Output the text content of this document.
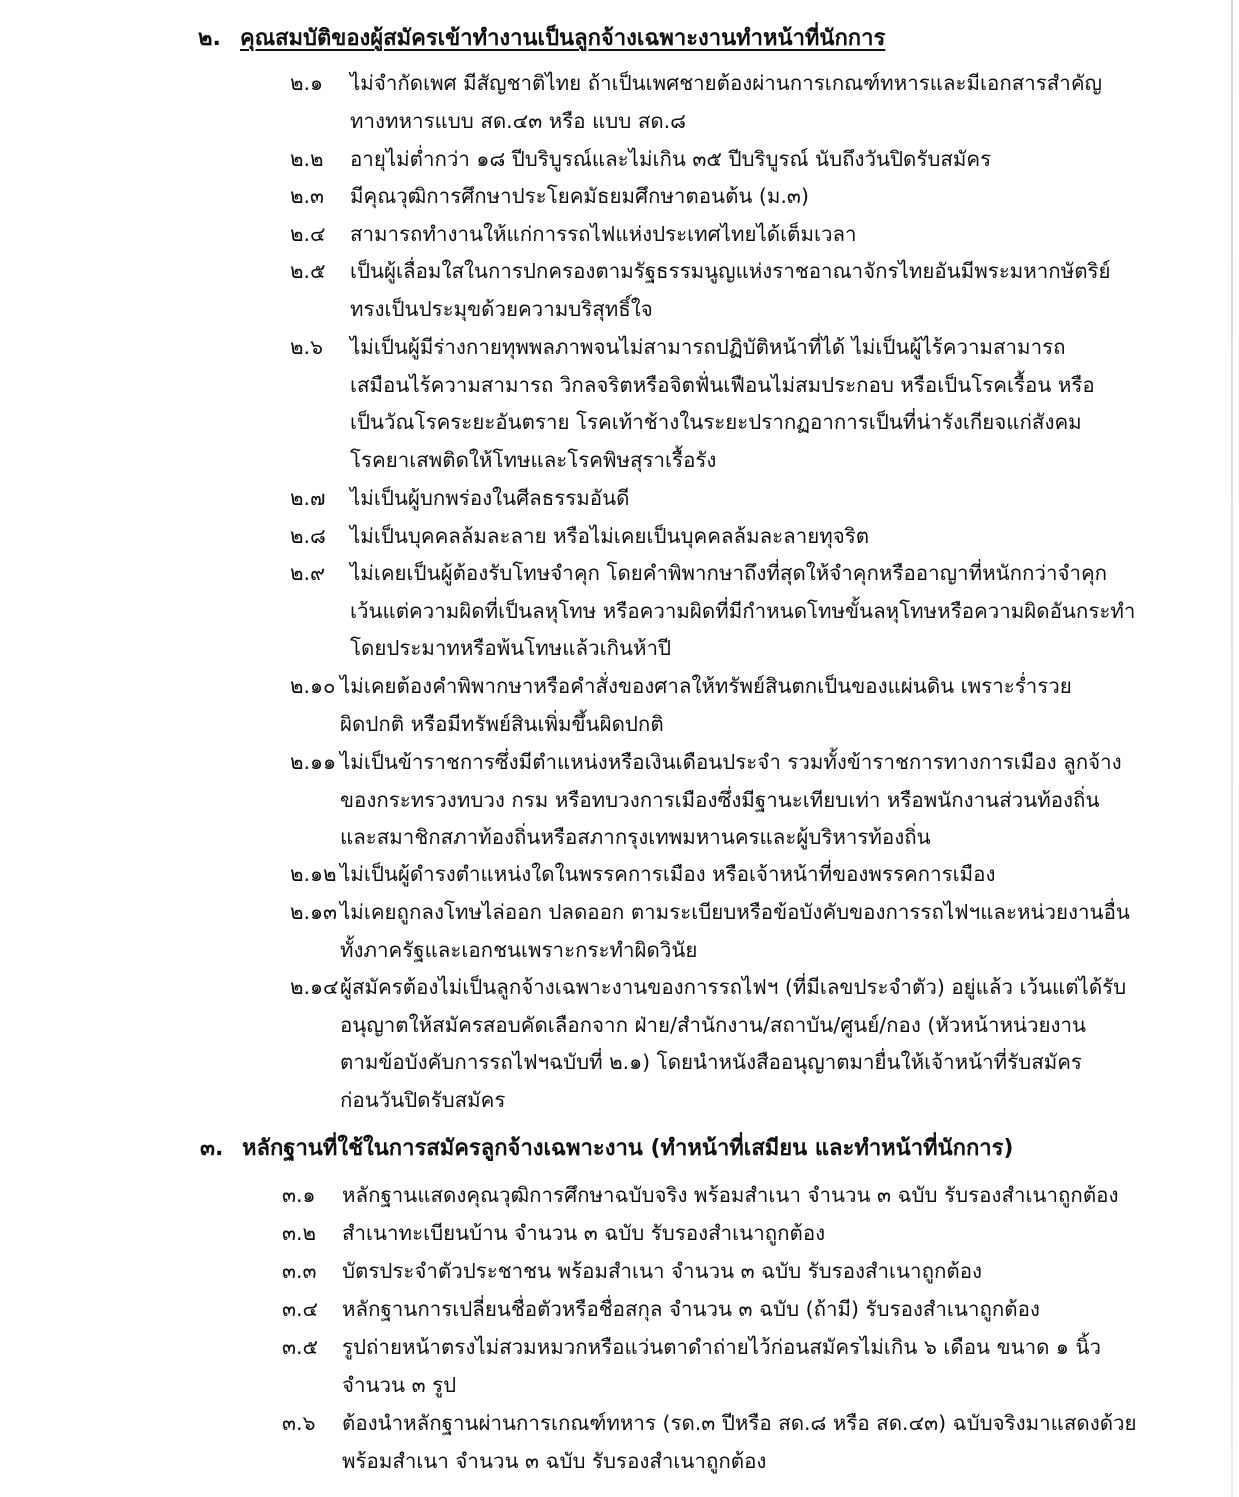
๒. คุณสมบัติของผู้สมัครเข้าทำงานเป็นลูกจ้างเฉพาะงานทำหน้าที่นักการ
๒.๑ ไม่จำกัดเพศ มีสัญชาติไทย ถ้าเป็นเพศชายต้องผ่านการเกณฑ์ทหารและมีเอกสารสำคัญ
ทางทหารแบบ สด.๔๓ หรือ แบบ สด.๘
๒.๒ อายุไม่ต่ำกว่า ๑๘ ปีบริบูรณ์และไม่เกิน ๓๕ ปีบริบูรณ์ นับถึงวันปิดรับสมัคร
๒.๓ มีคุณวุฒิการศึกษาประโยคมัธยมศึกษาตอนต้น (ม.๓)
๒.๔ สามารถทำงานให้แก่การรถไฟแห่งประเทศไทยได้เต็มเวลา
๒.๕ เป็นผู้เลื่อมใสในการปกครองตามรัฐธรรมนูญแห่งราชอาณาจักรไทยอันมีพระมหากษัตริย์
ทรงเป็นประมุขด้วยความบริสุทธิ์ใจ
๒.๖ ไม่เป็นผู้มีร่างกายทุพพลภาพจนไม่สามารถปฏิบัติหน้าที่ได้ ไม่เป็นผู้ไร้ความสามารถ
เสมือนไร้ความสามารถ วิกลจริตหรือจิตฟั่นเฟือนไม่สมประกอบ หรือเป็นโรคเรื้อน หรือ
เป็นวัณโรคระยะอันตราย โรคเท้าช้างในระยะปรากฏอาการเป็นที่น่ารังเกียจแก่สังคม
โรคยาเสพติดให้โทษและโรคพิษสุราเรื้อรัง
๒.๗ ไม่เป็นผู้บกพร่องในศีลธรรมอันดี
๒.๘ ไม่เป็นบุคคลล้มละลาย หรือไม่เคยเป็นบุคคลล้มละลายทุจริต
๒.๙ ไม่เคยเป็นผู้ต้องรับโทษจำคุก โดยคำพิพากษาถึงที่สุดให้จำคุกหรืออาญาที่หนักกว่าจำคุก
เว้นแต่ความผิดที่เป็นลหุโทษ หรือความผิดที่มีกำหนดโทษขั้นลหุโทษหรือความผิดอันกระทำ
โดยประมาทหรือพ้นโทษแล้วเกินห้าปี
๒.๑๐ ไม่เคยต้องคำพิพากษาหรือคำสั่งของศาลให้ทรัพย์สินตกเป็นของแผ่นดิน เพราะร่ำรวย
ผิดปกติ หรือมีทรัพย์สินเพิ่มขึ้นผิดปกติ
๒.๑๑ ไม่เป็นข้าราชการซึ่งมีตำแหน่งหรือเงินเดือนประจำ รวมทั้งข้าราชการทางการเมือง ลูกจ้าง
ของกระทรวงทบวง กรม หรือทบวงการเมืองซึ่งมีฐานะเทียบเท่า หรือพนักงานส่วนท้องถิ่น
และสมาชิกสภาท้องถิ่นหรือสภากรุงเทพมหานครและผู้บริหารท้องถิ่น
๒.๑๒ ไม่เป็นผู้ดำรงตำแหน่งใดในพรรคการเมือง หรือเจ้าหน้าที่ของพรรคการเมือง
๒.๑๓ ไม่เคยถูกลงโทษไล่ออก ปลดออก ตามระเบียบหรือข้อบังคับของการรถไฟฯและหน่วยงานอื่น
ทั้งภาครัฐและเอกชนเพราะกระทำผิดวินัย
๒.๑๔ ผู้สมัครต้องไม่เป็นลูกจ้างเฉพาะงานของการรถไฟฯ (ที่มีเลขประจำตัว) อยู่แล้ว เว้นแต่ได้รับ
อนุญาตให้สมัครสอบคัดเลือกจาก ฝ่าย/สำนักงาน/สถาบัน/ศูนย์/กอง (หัวหน้าหน่วยงาน
ตามข้อบังคับการรถไฟฯฉบับที่ ๒.๑) โดยนำหนังสืออนุญาตมายื่นให้เจ้าหน้าที่รับสมัคร
ก่อนวันปิดรับสมัคร
๓. หลักฐานที่ใช้ในการสมัครลูกจ้างเฉพาะงาน (ทำหน้าที่เสมียน และทำหน้าที่นักการ)
๓.๑ หลักฐานแสดงคุณวุฒิการศึกษาฉบับจริง พร้อมสำเนา จำนวน ๓ ฉบับ รับรองสำเนาถูกต้อง
๓.๒ สำเนาทะเบียนบ้าน จำนวน ๓ ฉบับ รับรองสำเนาถูกต้อง
๓.๓ บัตรประจำตัวประชาชน พร้อมสำเนา จำนวน ๓ ฉบับ รับรองสำเนาถูกต้อง
๓.๔ หลักฐานการเปลี่ยนชื่อตัวหรือชื่อสกุล จำนวน ๓ ฉบับ (ถ้ามี) รับรองสำเนาถูกต้อง
๓.๕ รูปถ่ายหน้าตรงไม่สวมหมวกหรือแว่นตาดำถ่ายไว้ก่อนสมัครไม่เกิน ๖ เดือน ขนาด ๑ นิ้ว
จำนวน ๓ รูป
๓.๖ ต้องนำหลักฐานผ่านการเกณฑ์ทหาร (รด.๓ ปีหรือ สด.๘ หรือ สด.๔๓) ฉบับจริงมาแสดงด้วย
พร้อมสำเนา จำนวน ๓ ฉบับ รับรองสำเนาถูกต้อง
